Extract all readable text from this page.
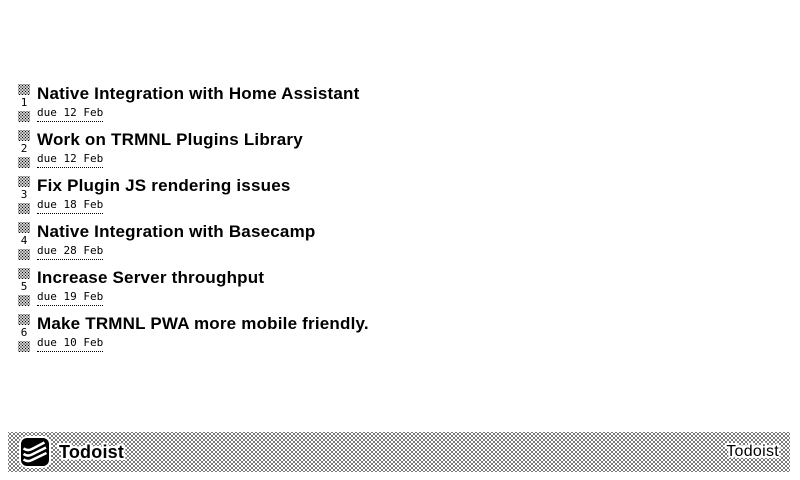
1 Native Integration with Home Assistant
due 12 Feb
2 Work on TRMNL Plugins Library
due 12 Feb
3 Fix Plugin JS rendering issues
due 18 Feb
4 Native Integration with Basecamp
due 28 Feb
5 Increase Server throughput
due 19 Feb
6 Make TRMNL PWA more mobile friendly.
due 10 Feb
Todoist	Todoist
